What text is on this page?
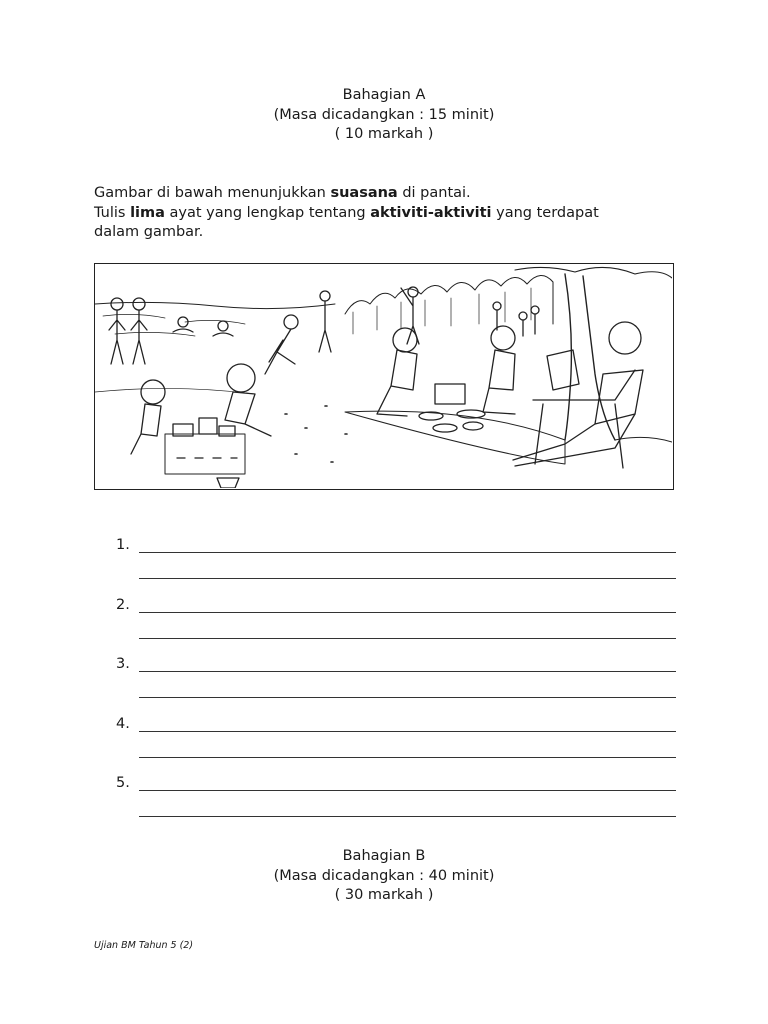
Bahagian A
(Masa dicadangkan : 15 minit)
( 10 markah )
Gambar di bawah menunjukkan suasana di pantai.
Tulis lima ayat yang lengkap tentang aktiviti-aktiviti yang terdapat
dalam gambar.
1.
2.
3.
4.
5.
Bahagian B
(Masa dicadangkan : 40 minit)
( 30 markah )
Ujian BM Tahun 5 (2)
